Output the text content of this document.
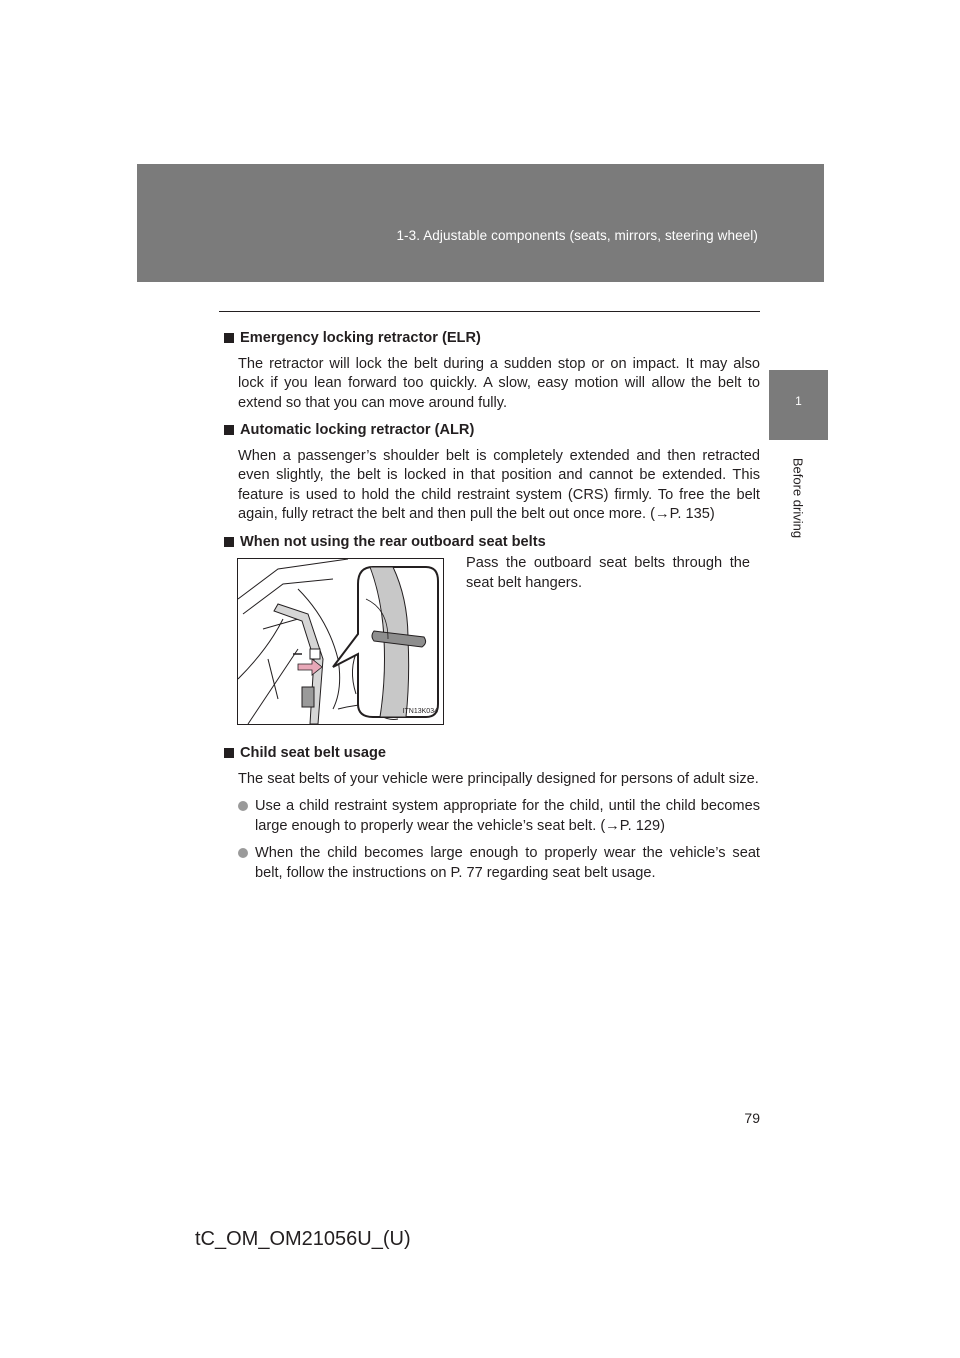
1-3. Adjustable components (seats, mirrors, steering wheel)
1
Before driving
Emergency locking retractor (ELR)

The retractor will lock the belt during a sudden stop or on impact. It may also lock if you lean forward too quickly. A slow, easy motion will allow the belt to extend so that you can move around fully.

Automatic locking retractor (ALR)

When a passenger’s shoulder belt is completely extended and then retracted even slightly, the belt is locked in that position and cannot be extended. This feature is used to hold the child restraint system (CRS) firmly. To free the belt again, fully retract the belt and then pull the belt out once more. (→P. 135)

When not using the rear outboard seat belts
ITN13K034
Pass the outboard seat belts through the seat belt hangers.
Child seat belt usage

The seat belts of your vehicle were principally designed for persons of adult size.

Use a child restraint system appropriate for the child, until the child becomes large enough to properly wear the vehicle’s seat belt. (→P. 129)
When the child becomes large enough to properly wear the vehicle’s seat belt, follow the instructions on P. 77 regarding seat belt usage.
79
tC_OM_OM21056U_(U)
